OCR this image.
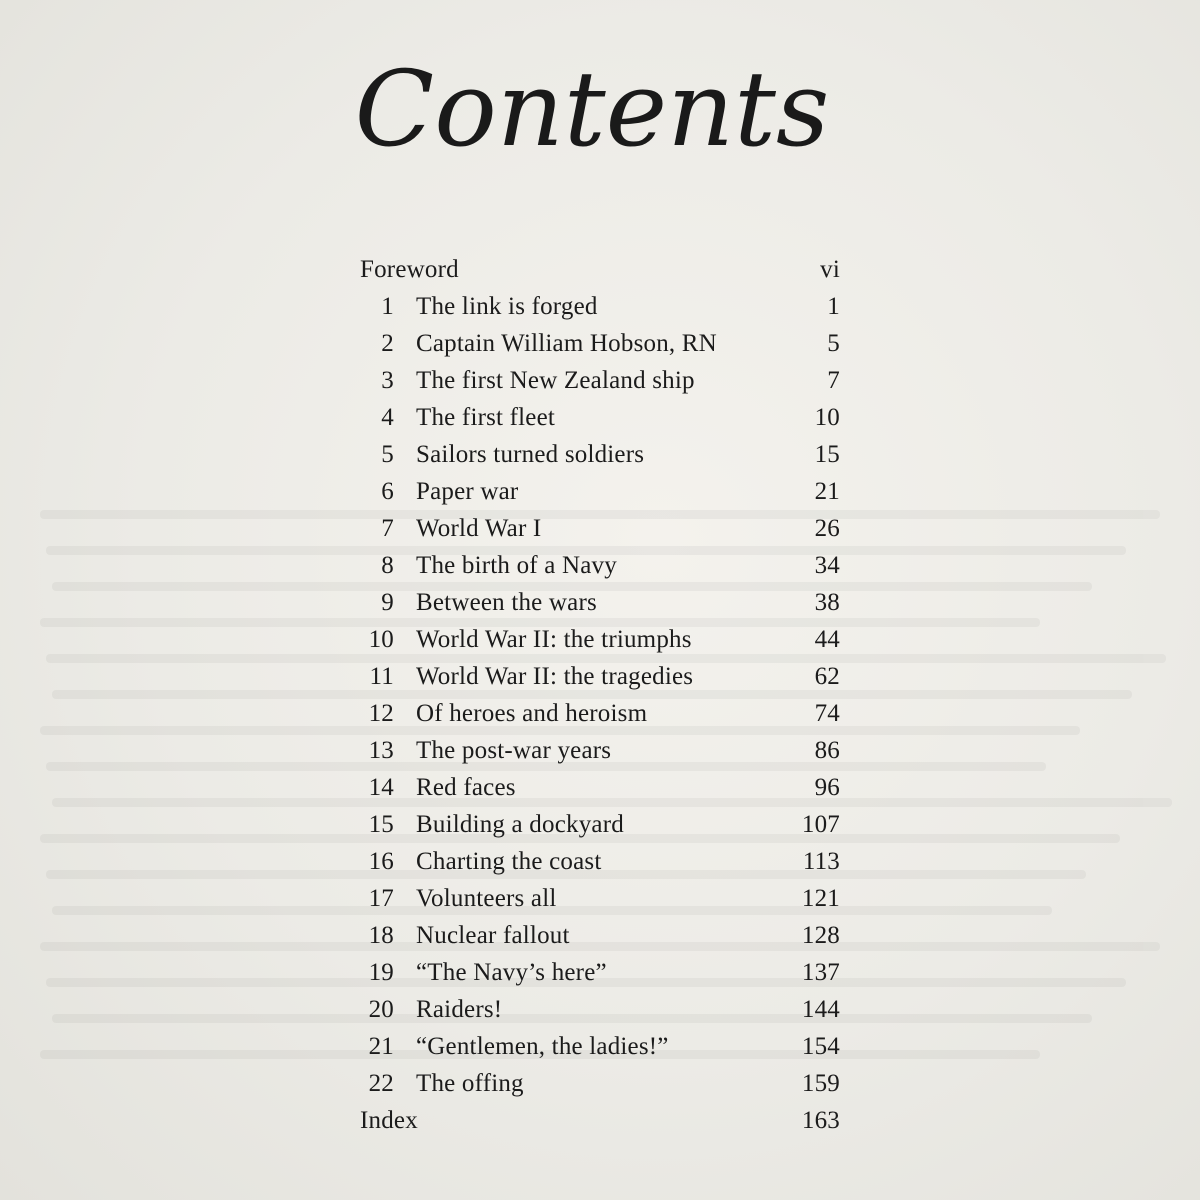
Contents
Foreword	vi
1 The link is forged	1
2 Captain William Hobson, RN	5
3 The first New Zealand ship	7
4 The first fleet	10
5 Sailors turned soldiers	15
6 Paper war	21
7 World War I	26
8 The birth of a Navy	34
9 Between the wars	38
10 World War II: the triumphs	44
11 World War II: the tragedies	62
12 Of heroes and heroism	74
13 The post-war years	86
14 Red faces	96
15 Building a dockyard	107
16 Charting the coast	113
17 Volunteers all	121
18 Nuclear fallout	128
19 “The Navy’s here”	137
20 Raiders!	144
21 “Gentlemen, the ladies!”	154
22 The offing	159
Index	163
